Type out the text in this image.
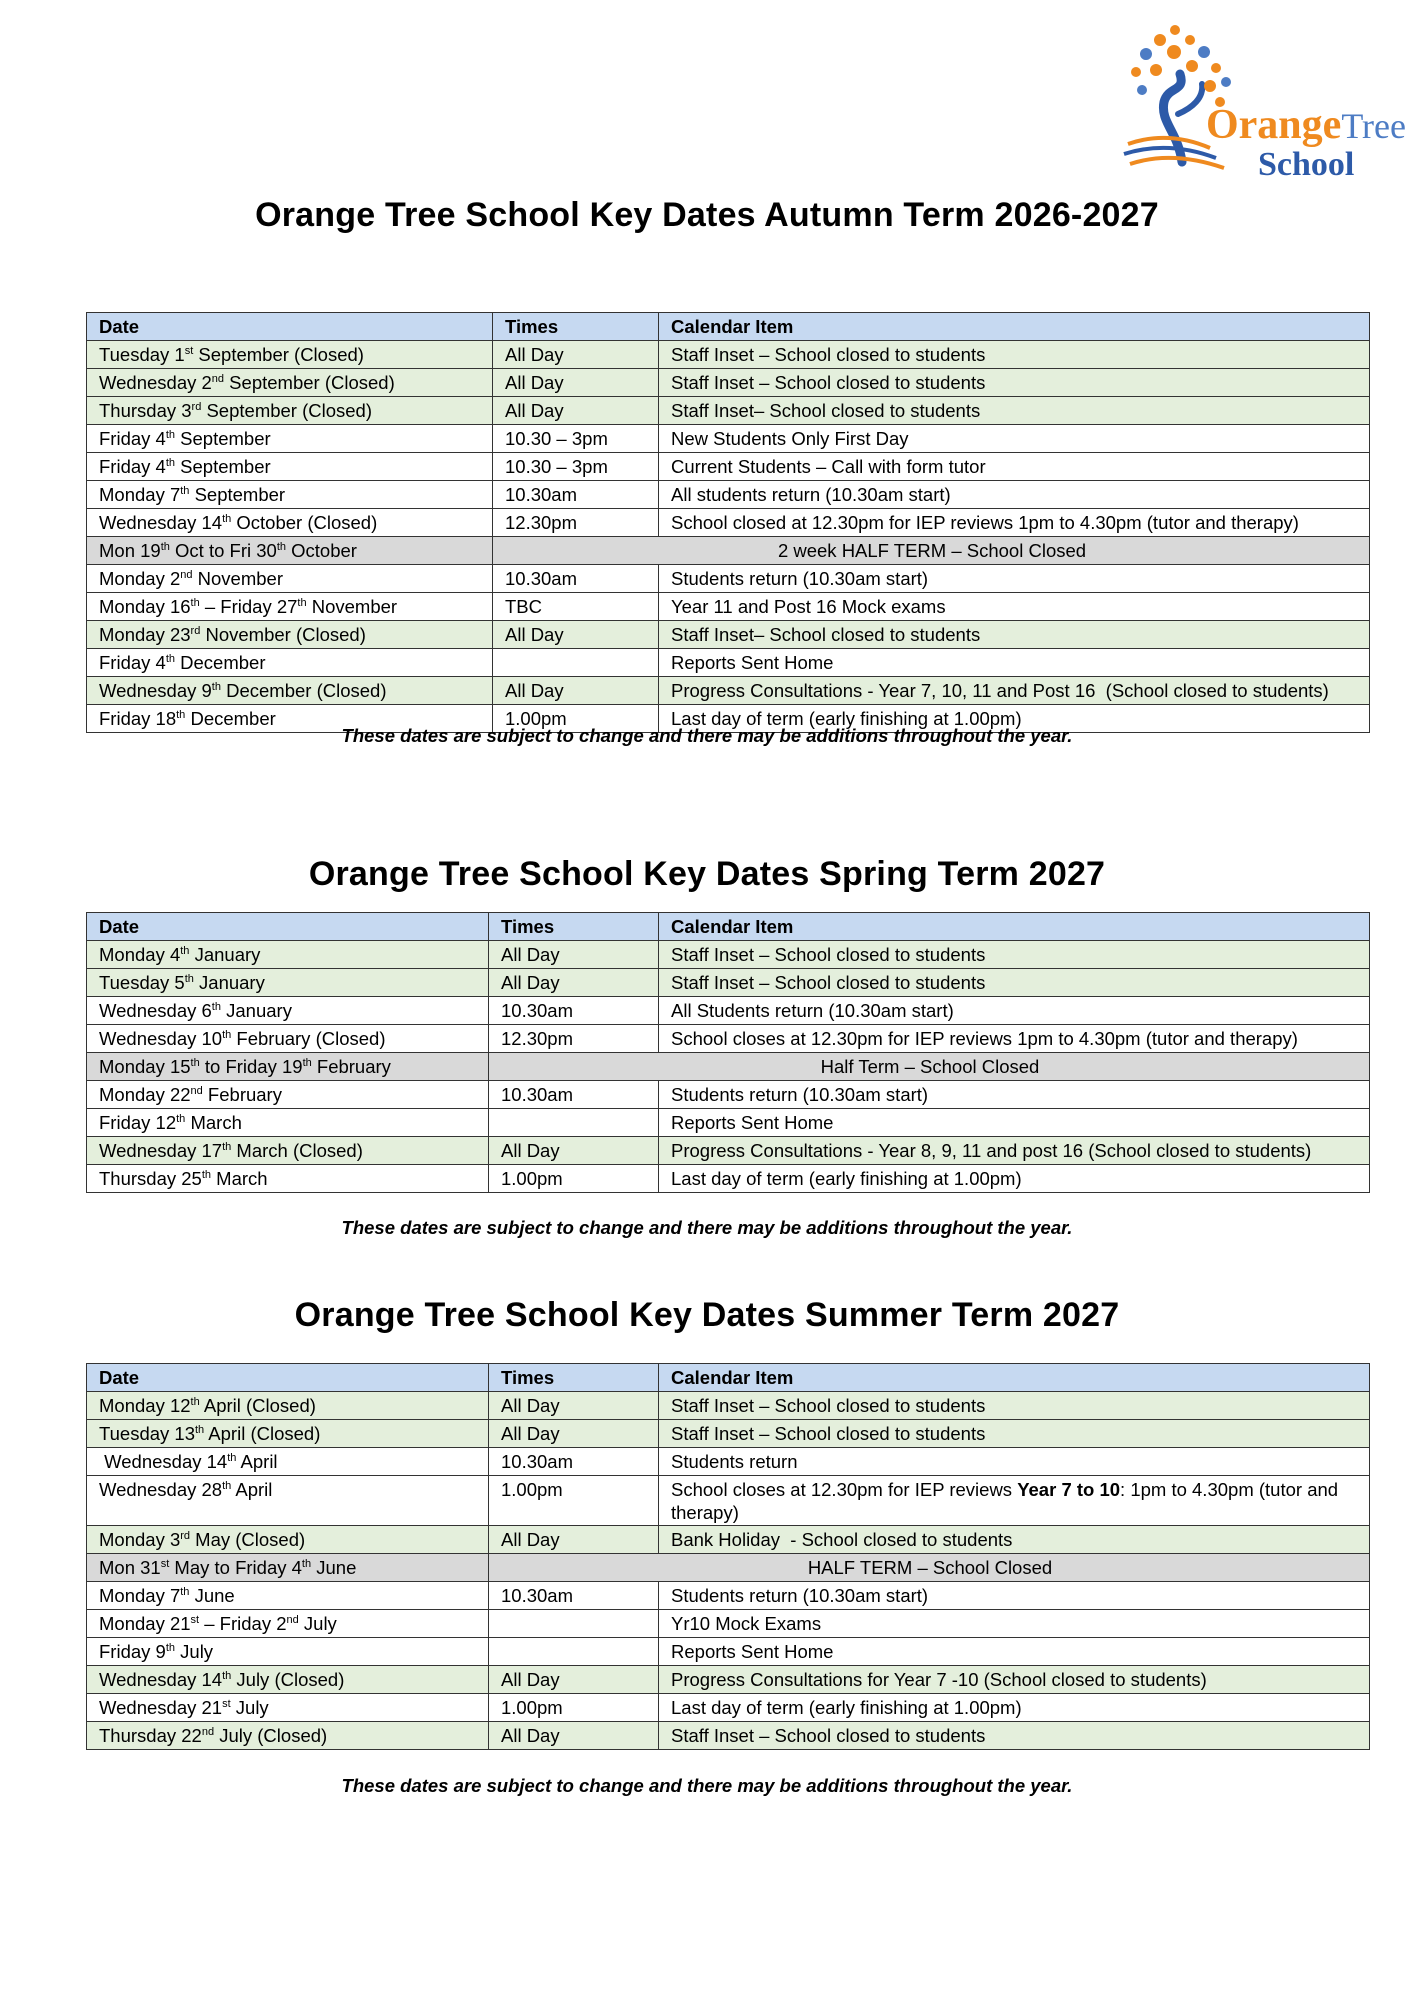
OrangeTree
School
Orange Tree School Key Dates Autumn Term 2026-2027
Date	Times	Calendar Item
Tuesday 1st September (Closed)	All Day	Staff Inset – School closed to students
Wednesday 2nd September (Closed)	All Day	Staff Inset – School closed to students
Thursday 3rd September (Closed)	All Day	Staff Inset– School closed to students
Friday 4th September	10.30 – 3pm	New Students Only First Day
Friday 4th September	10.30 – 3pm	Current Students – Call with form tutor
Monday 7th September	10.30am	All students return (10.30am start)
Wednesday 14th October (Closed)	12.30pm	School closed at 12.30pm for IEP reviews 1pm to 4.30pm (tutor and therapy)
Mon 19th Oct to Fri 30th October	2 week HALF TERM – School Closed	
Monday 2nd November	10.30am	Students return (10.30am start)
Monday 16th – Friday 27th November	TBC	Year 11 and Post 16 Mock exams
Monday 23rd November (Closed)	All Day	Staff Inset– School closed to students
Friday 4th December		Reports Sent Home
Wednesday 9th December (Closed)	All Day	Progress Consultations - Year 7, 10, 11 and Post 16  (School closed to students)
Friday 18th December	1.00pm	Last day of term (early finishing at 1.00pm)
These dates are subject to change and there may be additions throughout the year.
Orange Tree School Key Dates Spring Term 2027
Date	Times	Calendar Item
Monday 4th January	All Day	Staff Inset – School closed to students
Tuesday 5th January	All Day	Staff Inset – School closed to students
Wednesday 6th January	10.30am	All Students return (10.30am start)
Wednesday 10th February (Closed)	12.30pm	School closes at 12.30pm for IEP reviews 1pm to 4.30pm (tutor and therapy)
Monday 15th to Friday 19th February	Half Term – School Closed	
Monday 22nd February	10.30am	Students return (10.30am start)
Friday 12th March		Reports Sent Home
Wednesday 17th March (Closed)	All Day	Progress Consultations - Year 8, 9, 11 and post 16 (School closed to students)
Thursday 25th March	1.00pm	Last day of term (early finishing at 1.00pm)
These dates are subject to change and there may be additions throughout the year.
Orange Tree School Key Dates Summer Term 2027
Date	Times	Calendar Item
Monday 12th April (Closed)	All Day	Staff Inset – School closed to students
Tuesday 13th April (Closed)	All Day	Staff Inset – School closed to students
Wednesday 14th April	10.30am	Students return
Wednesday 28th April	1.00pm	School closes at 12.30pm for IEP reviews Year 7 to 10: 1pm to 4.30pm (tutor and therapy)
Monday 3rd May (Closed)	All Day	Bank Holiday  - School closed to students
Mon 31st May to Friday 4th June	HALF TERM – School Closed	
Monday 7th June	10.30am	Students return (10.30am start)
Monday 21st – Friday 2nd July		Yr10 Mock Exams
Friday 9th July		Reports Sent Home
Wednesday 14th July (Closed)	All Day	Progress Consultations for Year 7 -10 (School closed to students)
Wednesday 21st July	1.00pm	Last day of term (early finishing at 1.00pm)
Thursday 22nd July (Closed)	All Day	Staff Inset – School closed to students
These dates are subject to change and there may be additions throughout the year.
